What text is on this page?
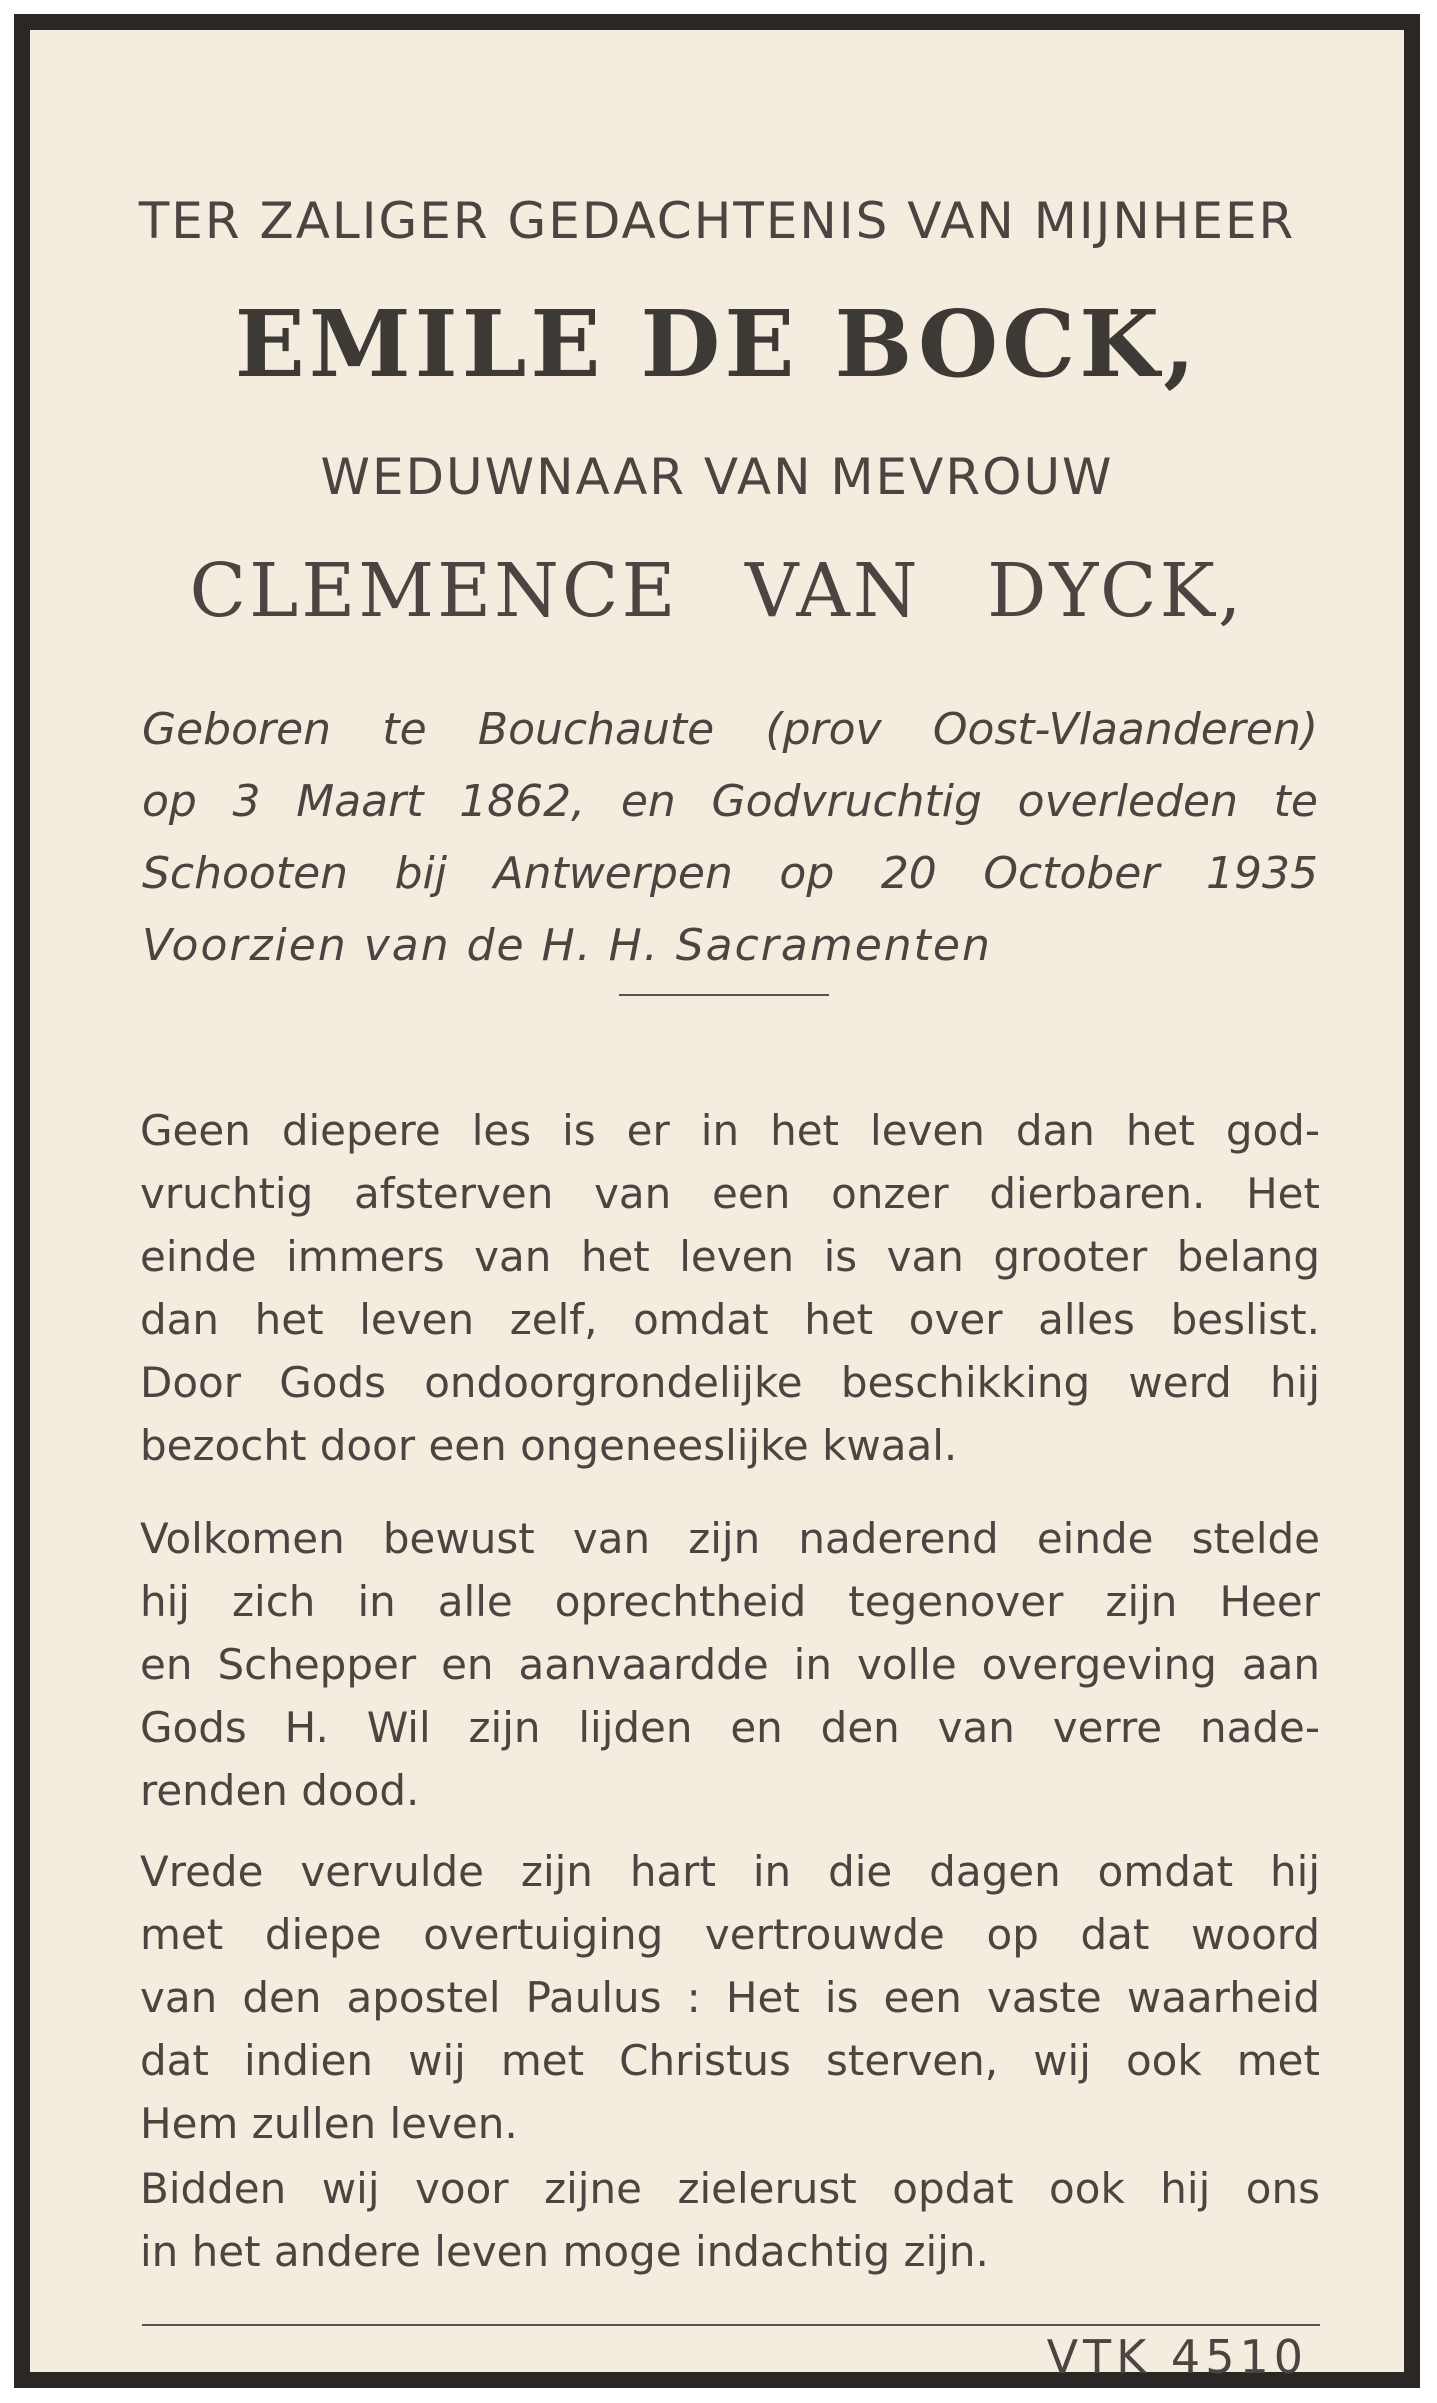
TER ZALIGER GEDACHTENIS VAN MIJNHEER
EMILE DE BOCK,
WEDUWNAAR VAN MEVROUW
CLEMENCE VAN DYCK,
Geboren te Bouchaute (prov Oost-Vlaanderen)
op 3 Maart 1862, en Godvruchtig overleden te
Schooten bij Antwerpen op 20 October 1935
Voorzien van de H. H. Sacramenten
Geen diepere les is er in het leven dan het god-
vruchtig afsterven van een onzer dierbaren. Het
einde immers van het leven is van grooter belang
dan het leven zelf, omdat het over alles beslist.
Door Gods ondoorgrondelijke beschikking werd hij
bezocht door een ongeneeslijke kwaal.
Volkomen bewust van zijn naderend einde stelde
hij zich in alle oprechtheid tegenover zijn Heer
en Schepper en aanvaardde in volle overgeving aan
Gods H. Wil zijn lijden en den van verre nade-
renden dood.
Vrede vervulde zijn hart in die dagen omdat hij
met diepe overtuiging vertrouwde op dat woord
van den apostel Paulus : Het is een vaste waarheid
dat indien wij met Christus sterven, wij ook met
Hem zullen leven.
Bidden wij voor zijne zielerust opdat ook hij ons
in het andere leven moge indachtig zijn.
VTK 4510
